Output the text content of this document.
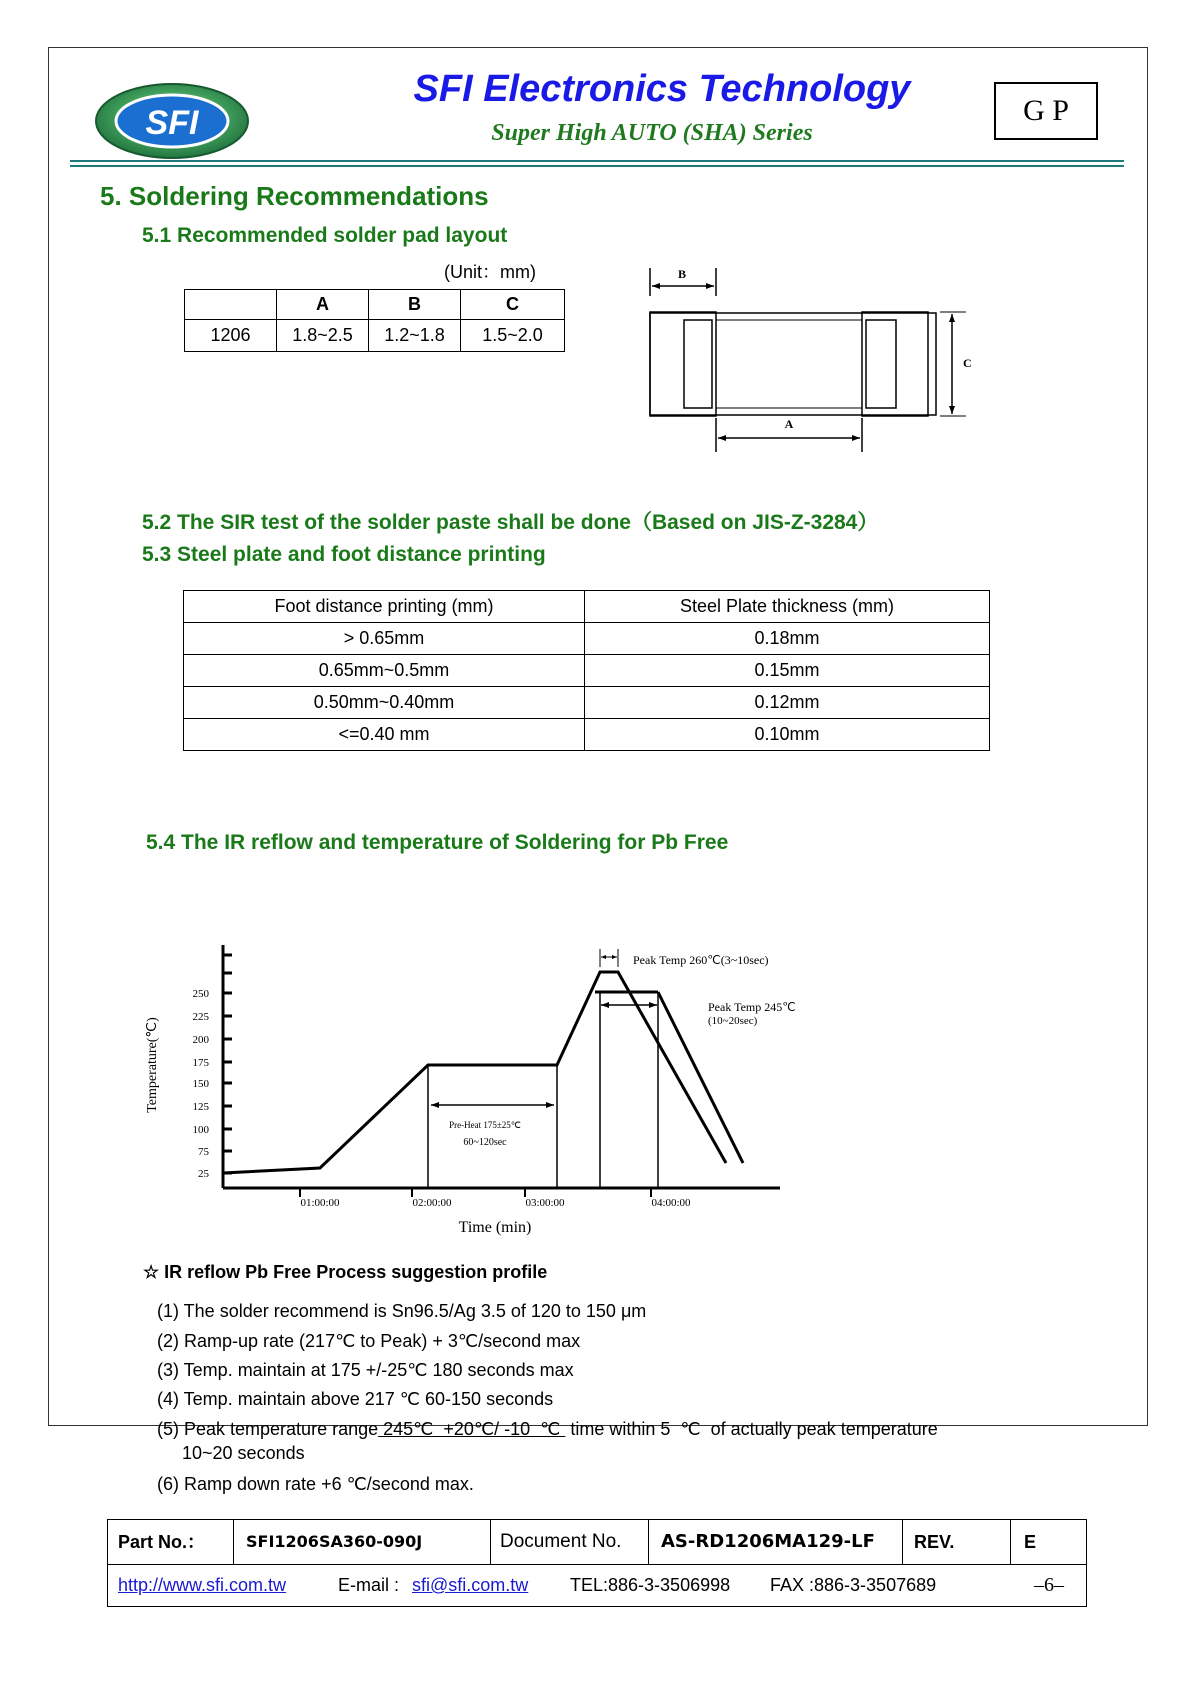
SFI
SFI Electronics Technology
Super High AUTO (SHA) Series
G P
5. Soldering Recommendations

5.1 Recommended solder pad layout

(Unit：mm)
	A	B	C
1206	1.8~2.5	1.2~1.8	1.5~2.0
B
C
A

5.2 The SIR test of the solder paste shall be done（Based on JIS-Z-3284）

5.3 Steel plate and foot distance printing

Foot distance printing (mm)	Steel Plate thickness (mm)
> 0.65mm	0.18mm
0.65mm~0.5mm	0.15mm
0.50mm~0.40mm	0.12mm
<=0.40 mm	0.10mm

5.4 The IR reflow and temperature of Soldering for Pb Free

25
75
100
125
150
175
200
225
250
01:00:00	02:00:00	03:00:00	04:00:00
Time (min)
Temperature(℃)
Pre-Heat 175±25℃
60~120sec
Peak Temp 260℃(3~10sec)
Peak Temp 245℃
(10~20sec)
☆ IR reflow Pb Free Process suggestion profile
(1) The solder recommend is Sn96.5/Ag 3.5 of 120 to 150 μm
(2) Ramp-up rate (217℃ to Peak) + 3℃/second max
(3) Temp. maintain at 175 +/-25℃ 180 seconds max
(4) Temp. maintain above 217 ℃ 60-150 seconds
(5) Peak temperature range 245℃  +20℃/ -10  ℃  time within 5  ℃  of actually peak temperature
10~20 seconds
(6) Ramp down rate +6 ℃/second max.
Part No.：	SFI1206SA360-090J	Document No. AS-RD1206MA129-LF REV.	E
http://www.sfi.com.tw	E-mail : sfi@sfi.com.tw TEL:886-3-3506998 FAX :886-3-3507689	–6–
